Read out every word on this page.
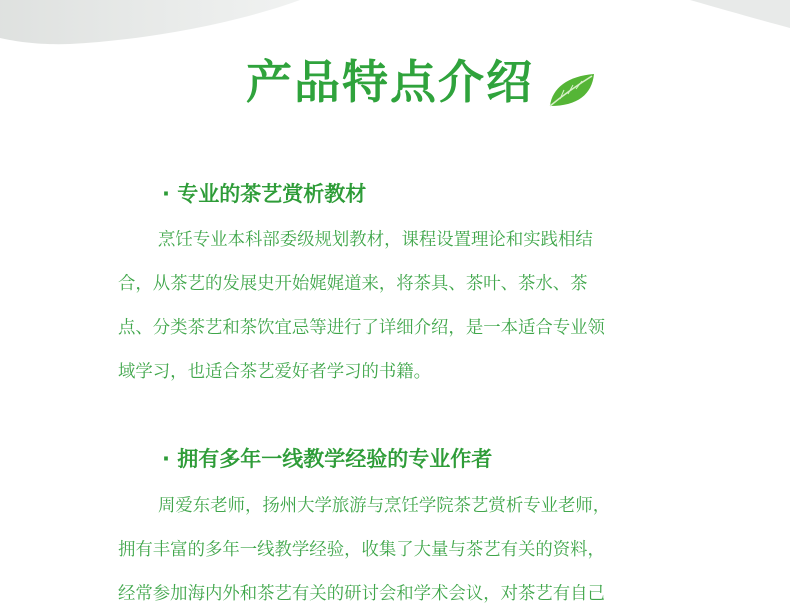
产品特点介绍
· 专业的茶艺赏析教材

烹饪专业本科部委级规划教材，课程设置理论和实践相结
合，从茶艺的发展史开始娓娓道来，将茶具、茶叶、茶水、茶
点、分类茶艺和茶饮宜忌等进行了详细介绍，是一本适合专业领
域学习，也适合茶艺爱好者学习的书籍。

· 拥有多年一线教学经验的专业作者

周爱东老师，扬州大学旅游与烹饪学院茶艺赏析专业老师，
拥有丰富的多年一线教学经验，收集了大量与茶艺有关的资料，
经常参加海内外和茶艺有关的研讨会和学术会议，对茶艺有自己
